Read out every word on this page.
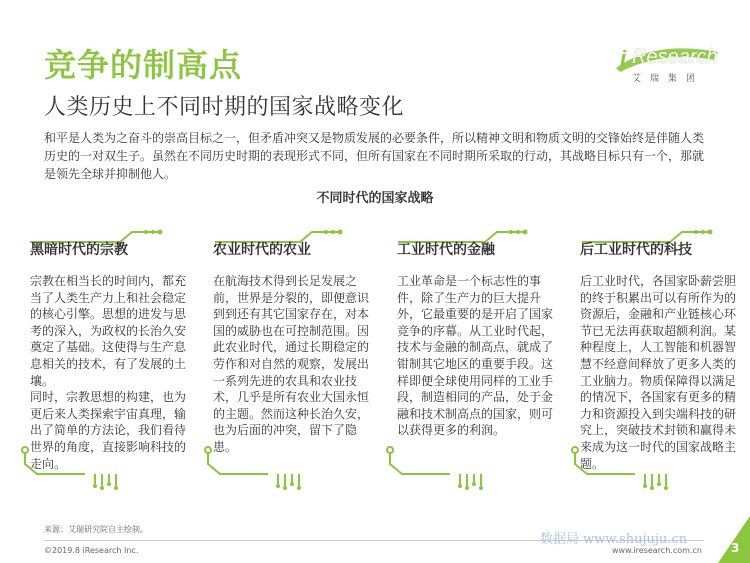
竞争的制高点
人类历史上不同时期的国家战略变化
i Research
艾瑞集团
和平是人类为之奋斗的崇高目标之一，但矛盾冲突又是物质发展的必要条件，所以精神文明和物质文明的交锋始终是伴随人类历史的一对双生子。虽然在不同历史时期的表现形式不同，但所有国家在不同时期所采取的行动，其战略目标只有一个，那就是领先全球并抑制他人。
不同时代的国家战略
黑暗时代的宗教

宗教在相当长的时间内，都充当了人类生产力上和社会稳定的核心引擎。思想的进发与思考的深入，为政权的长治久安奠定了基础。这使得与生产息息相关的技术，有了发展的土壤。

同时，宗教思想的构建，也为更后来人类探索宇宙真理，输出了简单的方法论，我们看待世界的角度，直接影响科技的走向。

农业时代的农业

在航海技术得到长足发展之前，世界是分裂的，即便意识到到还有其它国家存在，对本国的威胁也在可控制范围。因此农业时代，通过长期稳定的劳作和对自然的观察，发展出一系列先进的农具和农业技术，几乎是所有农业大国永恒的主题。然而这种长治久安，也为后面的冲突，留下了隐患。

工业时代的金融

工业革命是一个标志性的事件，除了生产力的巨大提升外，它最重要的是开启了国家竞争的序幕。从工业时代起，技术与金融的制高点，就成了钳制其它地区的重要手段。这样即便全球使用同样的工业手段，制造相同的产品，处于金融和技术制高点的国家，则可以获得更多的利润。

后工业时代的科技

后工业时代，各国家卧薪尝胆的终于积累出可以有所作为的资源后，金融和产业链核心环节已无法再获取超额利润。某种程度上，人工智能和机器智慧不经意间释放了更多人类的工业脑力。物质保障得以满足的情况下，各国家有更多的精力和资源投入到尖端科技的研究上，突破技术封锁和赢得未来成为这一时代的国家战略主题。

来源：艾瑞研究院自主绘制。
©2019.8 iResearch Inc.
数据局 www.shujuju.cn
www.iresearch.com.cn 3
